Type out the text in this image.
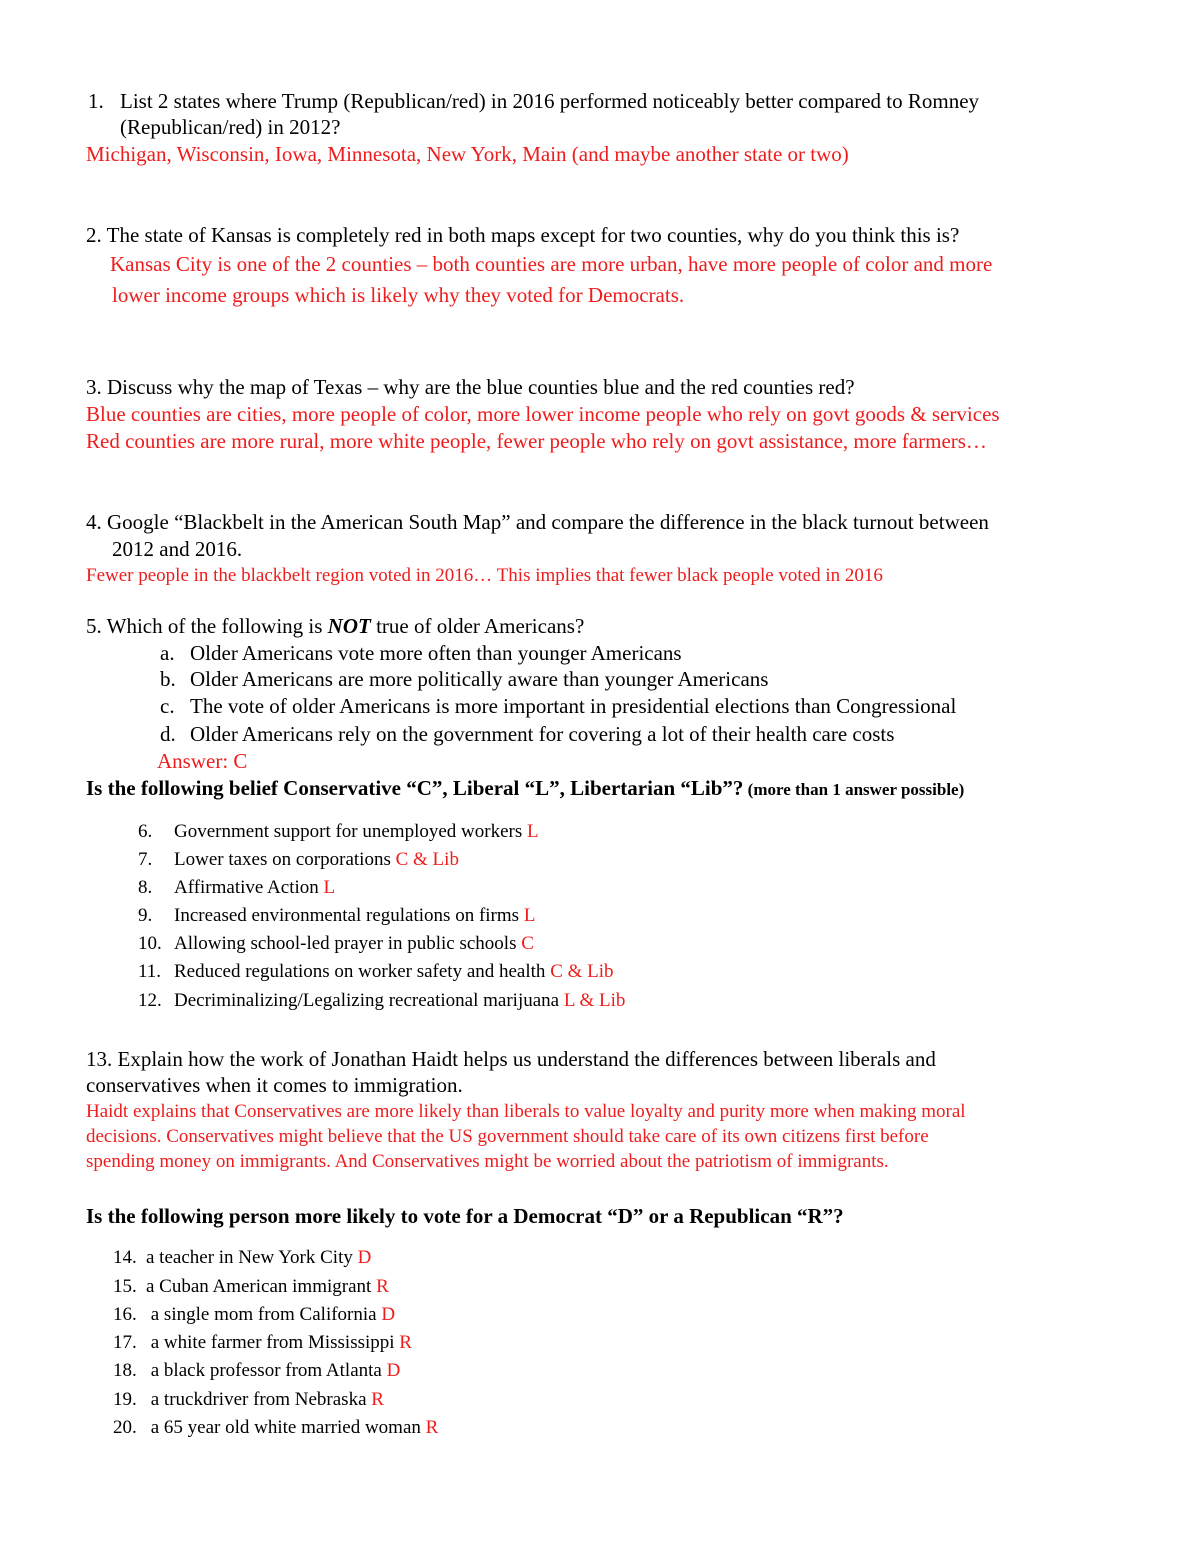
1. List 2 states where Trump (Republican/red) in 2016 performed noticeably better compared to Romney
(Republican/red) in 2012?
Michigan, Wisconsin, Iowa, Minnesota, New York, Main (and maybe another state or two)
2. The state of Kansas is completely red in both maps except for two counties, why do you think this is?
Kansas City is one of the 2 counties – both counties are more urban, have more people of color and more
lower income groups which is likely why they voted for Democrats.
3. Discuss why the map of Texas – why are the blue counties blue and the red counties red?
Blue counties are cities, more people of color, more lower income people who rely on govt goods & services
Red counties are more rural, more white people, fewer people who rely on govt assistance, more farmers…
4. Google “Blackbelt in the American South Map” and compare the difference in the black turnout between
2012 and 2016.
Fewer people in the blackbelt region voted in 2016… This implies that fewer black people voted in 2016
5. Which of the following is NOT true of older Americans?
a. Older Americans vote more often than younger Americans
b. Older Americans are more politically aware than younger Americans
c. The vote of older Americans is more important in presidential elections than Congressional
d. Older Americans rely on the government for covering a lot of their health care costs
Answer: C
Is the following belief Conservative “C”, Liberal “L”, Libertarian “Lib”? (more than 1 answer possible)
6. Government support for unemployed workers L
7. Lower taxes on corporations C & Lib
8. Affirmative Action L
9. Increased environmental regulations on firms L
10. Allowing school-led prayer in public schools C
11. Reduced regulations on worker safety and health C & Lib
12. Decriminalizing/Legalizing recreational marijuana L & Lib
13. Explain how the work of Jonathan Haidt helps us understand the differences between liberals and
conservatives when it comes to immigration.
Haidt explains that Conservatives are more likely than liberals to value loyalty and purity more when making moral
decisions. Conservatives might believe that the US government should take care of its own citizens first before
spending money on immigrants. And Conservatives might be worried about the patriotism of immigrants.
Is the following person more likely to vote for a Democrat “D” or a Republican “R”?
14. a teacher in New York City D
15. a Cuban American immigrant R
16. a single mom from California D
17. a white farmer from Mississippi R
18. a black professor from Atlanta D
19. a truckdriver from Nebraska R
20. a 65 year old white married woman R
